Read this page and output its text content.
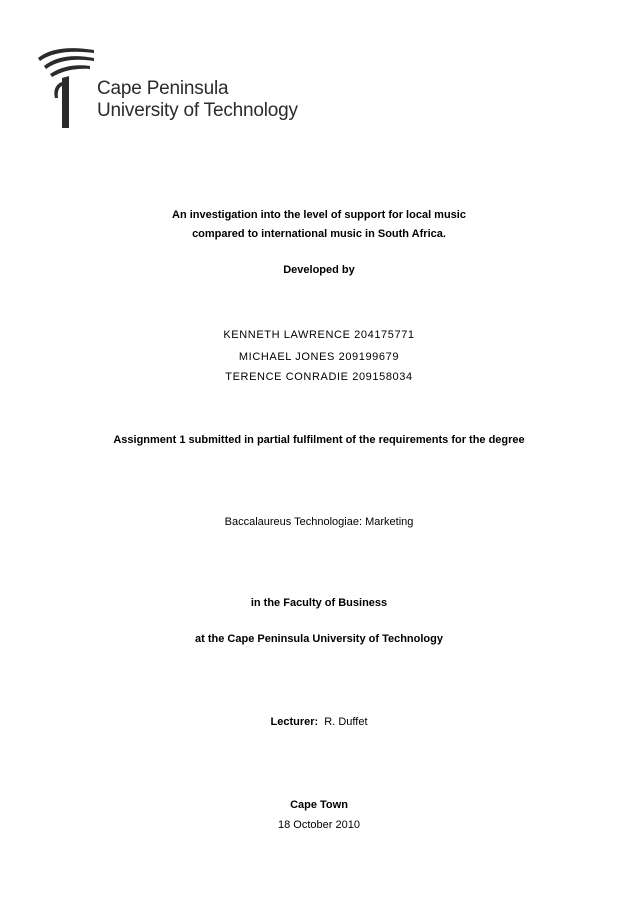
Cape Peninsula
University of Technology
An investigation into the level of support for local music
compared to international music in South Africa.
Developed by
KENNETH LAWRENCE 204175771
MICHAEL JONES 209199679
TERENCE CONRADIE 209158034
Assignment 1 submitted in partial fulfilment of the requirements for the degree
Baccalaureus Technologiae: Marketing
in the Faculty of Business
at the Cape Peninsula University of Technology
Lecturer: R. Duffet
Cape Town
18 October 2010
